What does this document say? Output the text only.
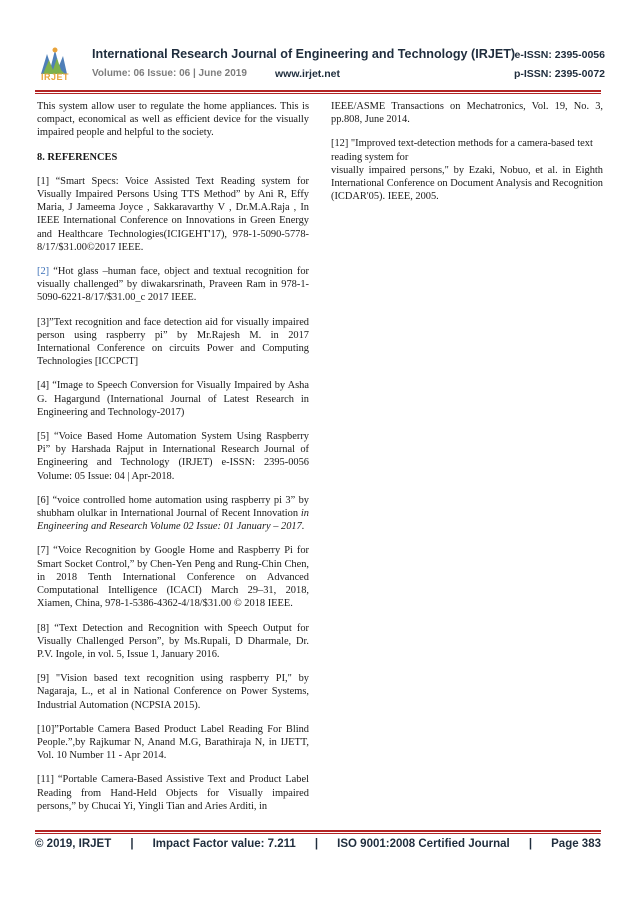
IRJET
International Research Journal of Engineering and Technology (IRJET) e-ISSN: 2395-0056
Volume: 06 Issue: 06 | June 2019	www.irjet.net	p-ISSN: 2395-0072

This system allow user to regulate the home appliances. This is compact, economical as well as efficient device for the visually impaired people and helpful to the society.

8. REFERENCES

[1] “Smart Specs: Voice Assisted Text Reading system for Visually Impaired Persons Using TTS Method” by Ani R, Effy Maria, J Jameema Joyce , Sakkaravarthy V , Dr.M.A.Raja , In IEEE International Conference on Innovations in Green Energy and Healthcare Technologies(ICIGEHT'17), 978-1-5090-5778-8/17/$31.00©2017 IEEE.

[2] “Hot glass –human face, object and textual recognition for visually challenged” by diwakarsrinath, Praveen Ram in 978-1-5090-6221-8/17/$31.00_c 2017 IEEE.

[3]”Text recognition and face detection aid for visually impaired person using raspberry pi” by Mr.Rajesh M. in 2017 International Conference on circuits Power and Computing Technologies [ICCPCT]

[4] “Image to Speech Conversion for Visually Impaired by Asha G. Hagargund (International Journal of Latest Research in Engineering and Technology-2017)

[5] “Voice Based Home Automation System Using Raspberry Pi” by Harshada Rajput in International Research Journal of Engineering and Technology (IRJET) e-ISSN: 2395-0056 Volume: 05 Issue: 04 | Apr-2018.

[6] “voice controlled home automation using raspberry pi 3” by shubham olulkar in International Journal of Recent Innovation in Engineering and Research Volume 02 Issue: 01 January – 2017.

[7] “Voice Recognition by Google Home and Raspberry Pi for Smart Socket Control,” by Chen-Yen Peng and Rung-Chin Chen, in 2018 Tenth International Conference on Advanced Computational Intelligence (ICACI) March 29–31, 2018, Xiamen, China, 978-1-5386-4362-4/18/$31.00 © 2018 IEEE.

[8] “Text Detection and Recognition with Speech Output for Visually Challenged Person”, by Ms.Rupali, D Dharmale, Dr. P.V. Ingole, in vol. 5, Issue 1, January 2016.

[9] "Vision based text recognition using raspberry PI," by Nagaraja, L., et al in National Conference on Power Systems, Industrial Automation (NCPSIA 2015).

[10]”Portable Camera Based Product Label Reading For Blind People.”,by Rajkumar N, Anand M.G, Barathiraja N, in IJETT, Vol. 10 Number 11 - Apr 2014.

[11] “Portable Camera-Based Assistive Text and Product Label Reading from Hand-Held Objects for Visually impaired persons,” by Chucai Yi, Yingli Tian and Aries Arditi, in

IEEE/ASME Transactions on Mechatronics, Vol. 19, No. 3, pp.808, June 2014.

[12] "Improved text-detection methods for a camera-based text reading system for

visually impaired persons," by Ezaki, Nobuo, et al. in Eighth International Conference on Document Analysis and Recognition (ICDAR'05). IEEE, 2005.

© 2019, IRJET | Impact Factor value: 7.211 | ISO 9001:2008 Certified Journal | Page 383
